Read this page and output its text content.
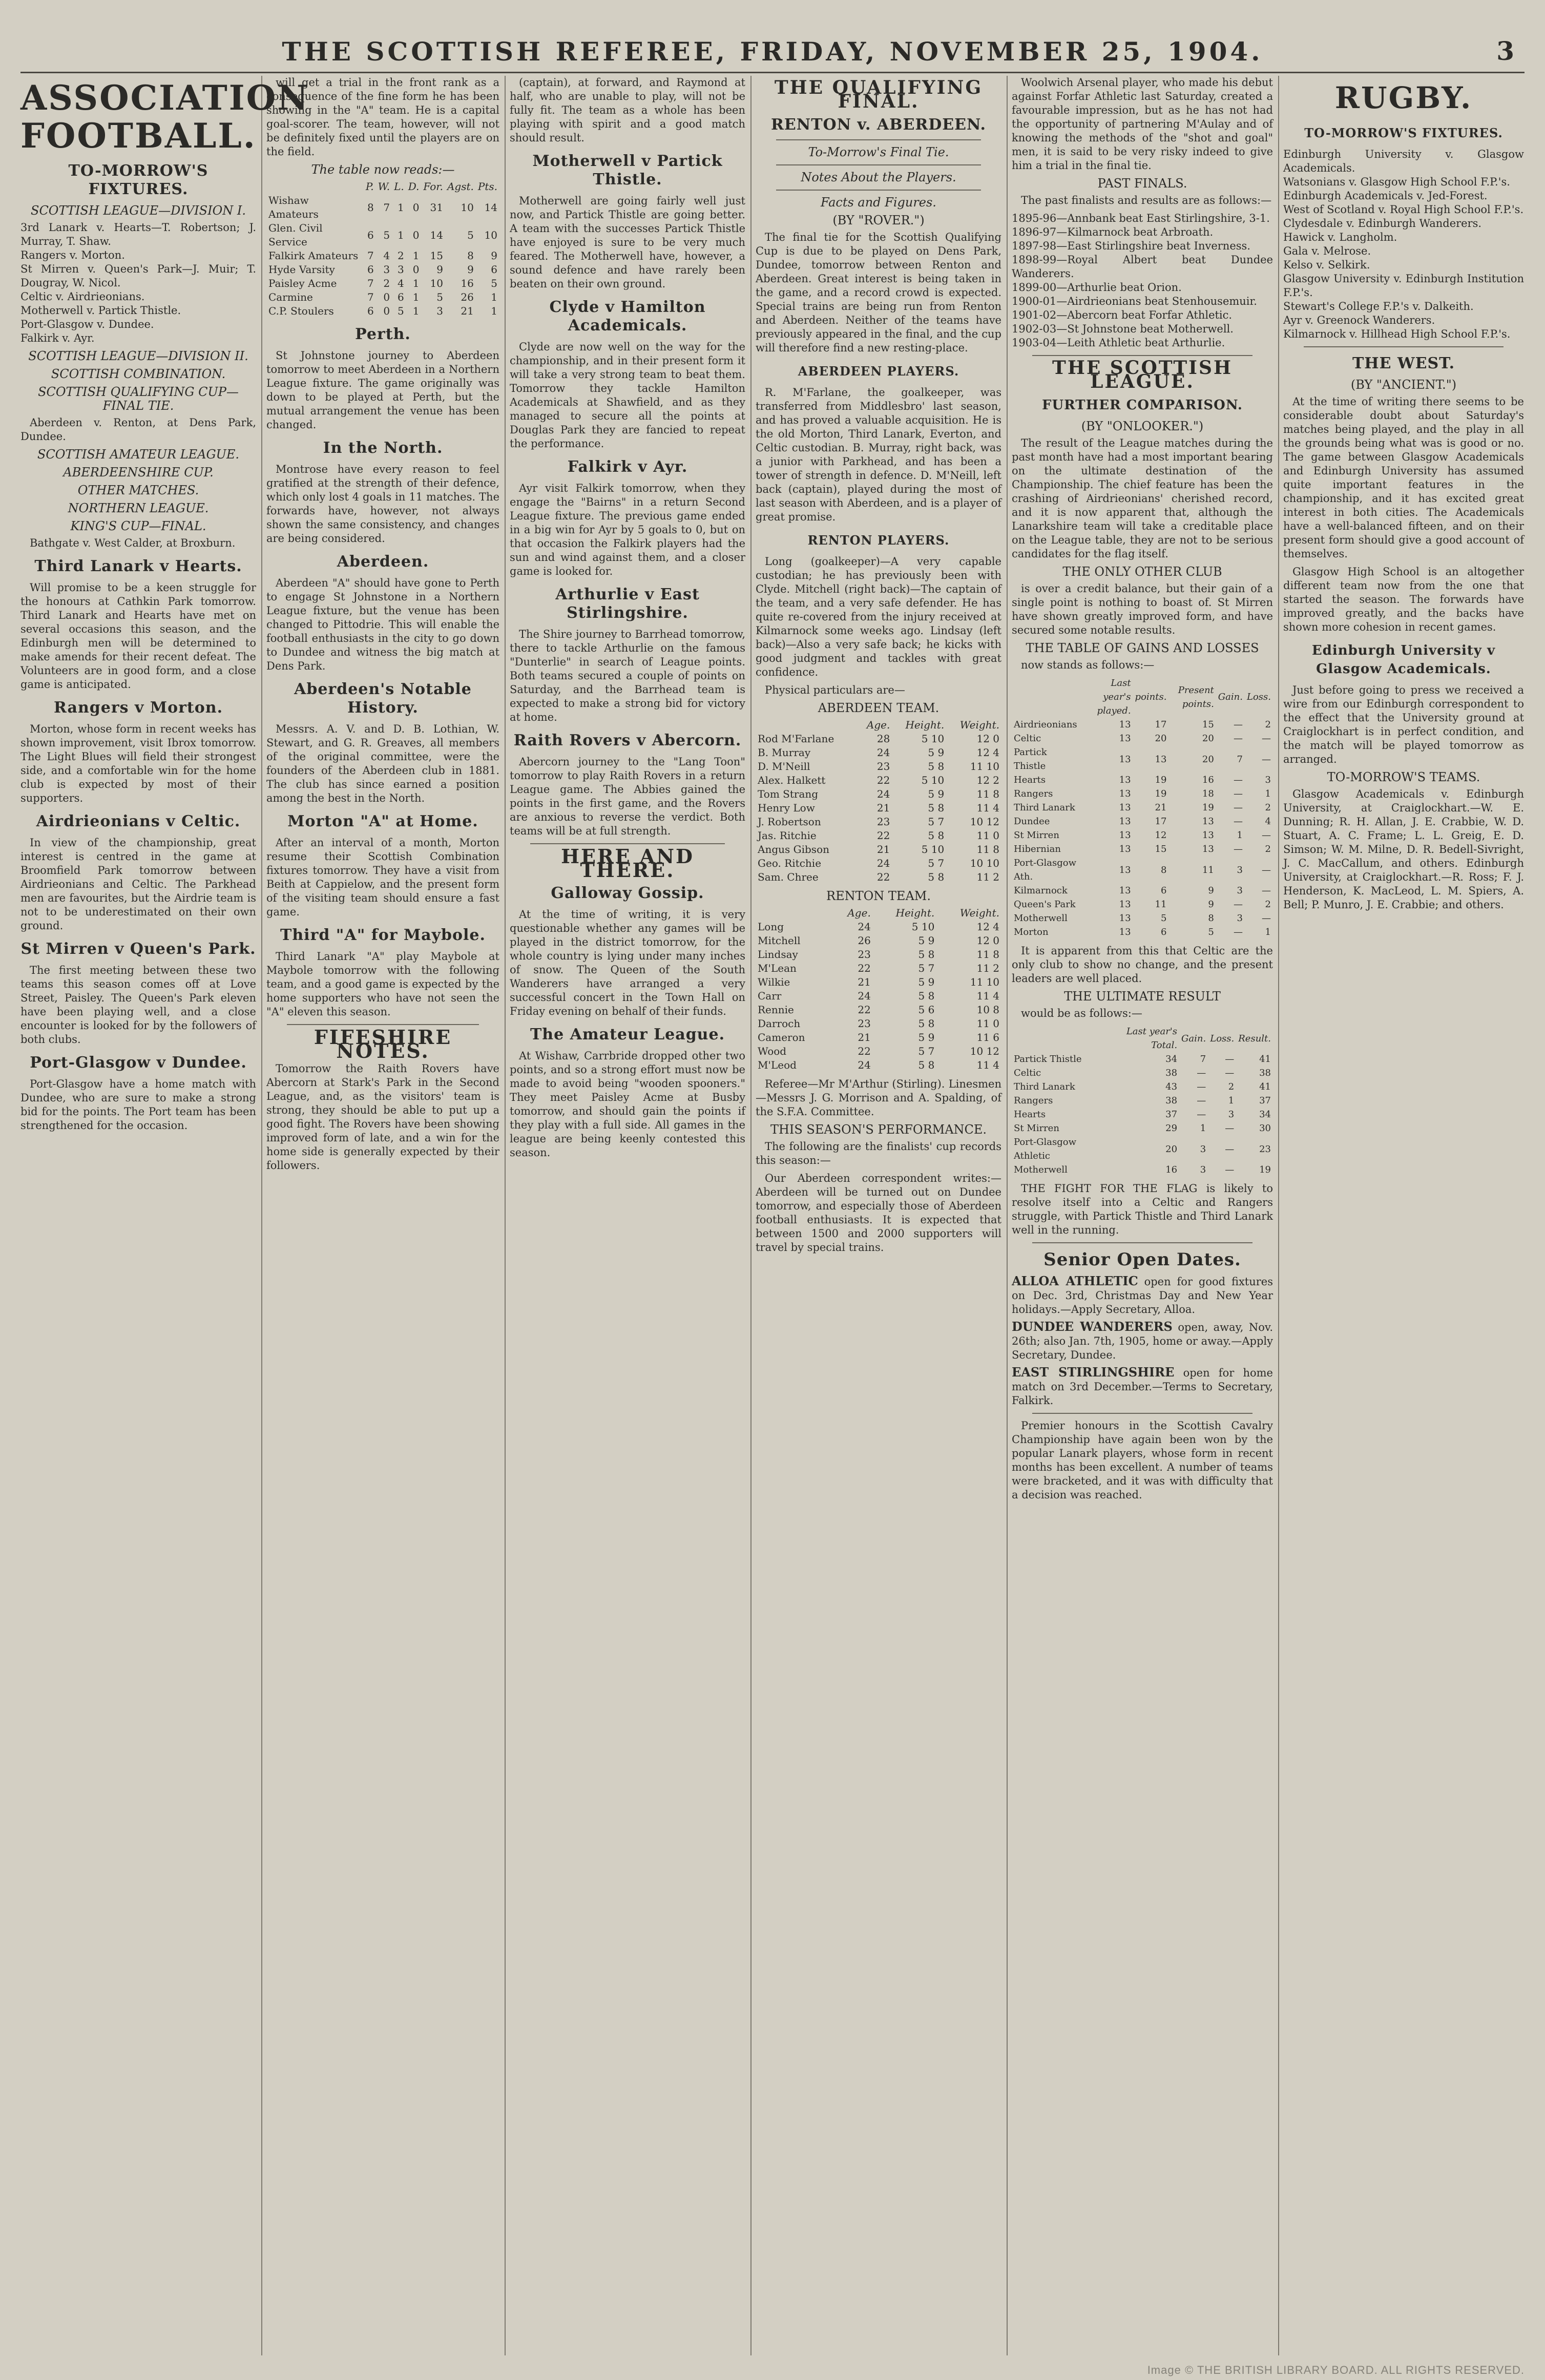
THE SCOTTISH REFEREE, FRIDAY, NOVEMBER 25, 1904.	3
ASSOCIATION FOOTBALL.
TO-MORROW'S FIXTURES.
SCOTTISH LEAGUE—DIVISION I.

3rd Lanark v. Hearts—T. Robertson; J. Murray, T. Shaw.

Rangers v. Morton.

St Mirren v. Queen's Park—J. Muir; T. Dougray, W. Nicol.

Celtic v. Airdrieonians.

Motherwell v. Partick Thistle.

Port-Glasgow v. Dundee.

Falkirk v. Ayr.

SCOTTISH LEAGUE—DIVISION II.
SCOTTISH COMBINATION.
SCOTTISH QUALIFYING CUP—FINAL TIE.

Aberdeen v. Renton, at Dens Park, Dundee.

SCOTTISH AMATEUR LEAGUE.
ABERDEENSHIRE CUP.
OTHER MATCHES.
NORTHERN LEAGUE.
KING'S CUP—FINAL.

Bathgate v. West Calder, at Broxburn.

Third Lanark v Hearts.

Will promise to be a keen struggle for the honours at Cathkin Park tomorrow. Third Lanark and Hearts have met on several occasions this season, and the Edinburgh men will be determined to make amends for their recent defeat. The Volunteers are in good form, and a close game is anticipated.

Rangers v Morton.

Morton, whose form in recent weeks has shown improvement, visit Ibrox tomorrow. The Light Blues will field their strongest side, and a comfortable win for the home club is expected by most of their supporters.

Airdrieonians v Celtic.

In view of the championship, great interest is centred in the game at Broomfield Park tomorrow between Airdrieonians and Celtic. The Parkhead men are favourites, but the Airdrie team is not to be underestimated on their own ground.

St Mirren v Queen's Park.

The first meeting between these two teams this season comes off at Love Street, Paisley. The Queen's Park eleven have been playing well, and a close encounter is looked for by the followers of both clubs.

Port-Glasgow v Dundee.

Port-Glasgow have a home match with Dundee, who are sure to make a strong bid for the points. The Port team has been strengthened for the occasion.

will get a trial in the front rank as a consequence of the fine form he has been showing in the "A" team. He is a capital goal-scorer. The team, however, will not be definitely fixed until the players are on the field.

The table now reads:—
	P.	W.	L.	D.	For.	Agst.	Pts.
Wishaw Amateurs	8	7	1	0	31	10	14
Glen. Civil Service	6	5	1	0	14	5	10
Falkirk Amateurs	7	4	2	1	15	8	9
Hyde Varsity	6	3	3	0	9	9	6
Paisley Acme	7	2	4	1	10	16	5
Carmine	7	0	6	1	5	26	1
C.P. Stoulers	6	0	5	1	3	21	1
Perth.

St Johnstone journey to Aberdeen tomorrow to meet Aberdeen in a Northern League fixture. The game originally was down to be played at Perth, but the mutual arrangement the venue has been changed.

In the North.

Montrose have every reason to feel gratified at the strength of their defence, which only lost 4 goals in 11 matches. The forwards have, however, not always shown the same consistency, and changes are being considered.

Aberdeen.

Aberdeen "A" should have gone to Perth to engage St Johnstone in a Northern League fixture, but the venue has been changed to Pittodrie. This will enable the football enthusiasts in the city to go down to Dundee and witness the big match at Dens Park.

Aberdeen's Notable History.

Messrs. A. V. and D. B. Lothian, W. Stewart, and G. R. Greaves, all members of the original committee, were the founders of the Aberdeen club in 1881. The club has since earned a position among the best in the North.

Morton "A" at Home.

After an interval of a month, Morton resume their Scottish Combination fixtures tomorrow. They have a visit from Beith at Cappielow, and the present form of the visiting team should ensure a fast game.

Third "A" for Maybole.

Third Lanark "A" play Maybole at Maybole tomorrow with the following team, and a good game is expected by the home supporters who have not seen the "A" eleven this season.

FIFESHIRE NOTES.

Tomorrow the Raith Rovers have Abercorn at Stark's Park in the Second League, and, as the visitors' team is strong, they should be able to put up a good fight. The Rovers have been showing improved form of late, and a win for the home side is generally expected by their followers.

(captain), at forward, and Raymond at half, who are unable to play, will not be fully fit. The team as a whole has been playing with spirit and a good match should result.

Motherwell v Partick Thistle.

Motherwell are going fairly well just now, and Partick Thistle are going better. A team with the successes Partick Thistle have enjoyed is sure to be very much feared. The Motherwell have, however, a sound defence and have rarely been beaten on their own ground.

Clyde v Hamilton Academicals.

Clyde are now well on the way for the championship, and in their present form it will take a very strong team to beat them. Tomorrow they tackle Hamilton Academicals at Shawfield, and as they managed to secure all the points at Douglas Park they are fancied to repeat the performance.

Falkirk v Ayr.

Ayr visit Falkirk tomorrow, when they engage the "Bairns" in a return Second League fixture. The previous game ended in a big win for Ayr by 5 goals to 0, but on that occasion the Falkirk players had the sun and wind against them, and a closer game is looked for.

Arthurlie v East Stirlingshire.

The Shire journey to Barrhead tomorrow, there to tackle Arthurlie on the famous "Dunterlie" in search of League points. Both teams secured a couple of points on Saturday, and the Barrhead team is expected to make a strong bid for victory at home.

Raith Rovers v Abercorn.

Abercorn journey to the "Lang Toon" tomorrow to play Raith Rovers in a return League game. The Abbies gained the points in the first game, and the Rovers are anxious to reverse the verdict. Both teams will be at full strength.

HERE AND THERE.
Galloway Gossip.

At the time of writing, it is very questionable whether any games will be played in the district tomorrow, for the whole country is lying under many inches of snow. The Queen of the South Wanderers have arranged a very successful concert in the Town Hall on Friday evening on behalf of their funds.

The Amateur League.

At Wishaw, Carrbride dropped other two points, and so a strong effort must now be made to avoid being "wooden spooners." They meet Paisley Acme at Busby tomorrow, and should gain the points if they play with a full side. All games in the league are being keenly contested this season.

THE QUALIFYING FINAL.
RENTON v. ABERDEEN.
To-Morrow's Final Tie.
Notes About the Players.
Facts and Figures.
(BY "ROVER.")

The final tie for the Scottish Qualifying Cup is due to be played on Dens Park, Dundee, tomorrow between Renton and Aberdeen. Great interest is being taken in the game, and a record crowd is expected. Special trains are being run from Renton and Aberdeen. Neither of the teams have previously appeared in the final, and the cup will therefore find a new resting-place.

ABERDEEN PLAYERS.

R. M'Farlane, the goalkeeper, was transferred from Middlesbro' last season, and has proved a valuable acquisition. He is the old Morton, Third Lanark, Everton, and Celtic custodian. B. Murray, right back, was a junior with Parkhead, and has been a tower of strength in defence. D. M'Neill, left back (captain), played during the most of last season with Aberdeen, and is a player of great promise.

RENTON PLAYERS.

Long (goalkeeper)—A very capable custodian; he has previously been with Clyde. Mitchell (right back)—The captain of the team, and a very safe defender. He has quite re-covered from the injury received at Kilmarnock some weeks ago. Lindsay (left back)—Also a very safe back; he kicks with good judgment and tackles with great confidence.

Physical particulars are—

ABERDEEN TEAM.
	Age.	Height.	Weight.
Rod M'Farlane	28	5 10	12 0
B. Murray	24	5 9	12 4
D. M'Neill	23	5 8	11 10
Alex. Halkett	22	5 10	12 2
Tom Strang	24	5 9	11 8
Henry Low	21	5 8	11 4
J. Robertson	23	5 7	10 12
Jas. Ritchie	22	5 8	11 0
Angus Gibson	21	5 10	11 8
Geo. Ritchie	24	5 7	10 10
Sam. Chree	22	5 8	11 2
RENTON TEAM.
	Age.	Height.	Weight.
Long	24	5 10	12 4
Mitchell	26	5 9	12 0
Lindsay	23	5 8	11 8
M'Lean	22	5 7	11 2
Wilkie	21	5 9	11 10
Carr	24	5 8	11 4
Rennie	22	5 6	10 8
Darroch	23	5 8	11 0
Cameron	21	5 9	11 6
Wood	22	5 7	10 12
M'Leod	24	5 8	11 4

Referee—Mr M'Arthur (Stirling). Linesmen—Messrs J. G. Morrison and A. Spalding, of the S.F.A. Committee.

THIS SEASON'S PERFORMANCE.

The following are the finalists' cup records this season:—

Our Aberdeen correspondent writes:—Aberdeen will be turned out on Dundee tomorrow, and especially those of Aberdeen football enthusiasts. It is expected that between 1500 and 2000 supporters will travel by special trains.

Woolwich Arsenal player, who made his debut against Forfar Athletic last Saturday, created a favourable impression, but as he has not had the opportunity of partnering M'Aulay and of knowing the methods of the "shot and goal" men, it is said to be very risky indeed to give him a trial in the final tie.

PAST FINALS.

The past finalists and results are as follows:—

1895-96—Annbank beat East Stirlingshire, 3-1.

1896-97—Kilmarnock beat Arbroath.

1897-98—East Stirlingshire beat Inverness.

1898-99—Royal Albert beat Dundee Wanderers.

1899-00—Arthurlie beat Orion.

1900-01—Airdrieonians beat Stenhousemuir.

1901-02—Abercorn beat Forfar Athletic.

1902-03—St Johnstone beat Motherwell.

1903-04—Leith Athletic beat Arthurlie.

THE SCOTTISH LEAGUE.
FURTHER COMPARISON.
(BY "ONLOOKER.")

The result of the League matches during the past month have had a most important bearing on the ultimate destination of the Championship. The chief feature has been the crashing of Airdrieonians' cherished record, and it is now apparent that, although the Lanarkshire team will take a creditable place on the League table, they are not to be serious candidates for the flag itself.

THE ONLY OTHER CLUB

is over a credit balance, but their gain of a single point is nothing to boast of. St Mirren have shown greatly improved form, and have secured some notable results.

THE TABLE OF GAINS AND LOSSES

now stands as follows:—

	Last year's played.	points.	Present points.	Gain.	Loss.
Airdrieonians	13	17	15	—	2
Celtic	13	20	20	—	—
Partick Thistle	13	13	20	7	—
Hearts	13	19	16	—	3
Rangers	13	19	18	—	1
Third Lanark	13	21	19	—	2
Dundee	13	17	13	—	4
St Mirren	13	12	13	1	—
Hibernian	13	15	13	—	2
Port-Glasgow Ath.	13	8	11	3	—
Kilmarnock	13	6	9	3	—
Queen's Park	13	11	9	—	2
Motherwell	13	5	8	3	—
Morton	13	6	5	—	1

It is apparent from this that Celtic are the only club to show no change, and the present leaders are well placed.

THE ULTIMATE RESULT

would be as follows:—

	Last year's Total.	Gain.	Loss.	Result.
Partick Thistle	34	7	—	41
Celtic	38	—	—	38
Third Lanark	43	—	2	41
Rangers	38	—	1	37
Hearts	37	—	3	34
St Mirren	29	1	—	30
Port-Glasgow Athletic	20	3	—	23
Motherwell	16	3	—	19

THE FIGHT FOR THE FLAG is likely to resolve itself into a Celtic and Rangers struggle, with Partick Thistle and Third Lanark well in the running.

Senior Open Dates.
ALLOA ATHLETIC open for good fixtures on Dec. 3rd, Christmas Day and New Year holidays.—Apply Secretary, Alloa.
DUNDEE WANDERERS open, away, Nov. 26th; also Jan. 7th, 1905, home or away.—Apply Secretary, Dundee.
EAST STIRLINGSHIRE open for home match on 3rd December.—Terms to Secretary, Falkirk.

Premier honours in the Scottish Cavalry Championship have again been won by the popular Lanark players, whose form in recent months has been excellent. A number of teams were bracketed, and it was with difficulty that a decision was reached.

RUGBY.
TO-MORROW'S FIXTURES.

Edinburgh University v. Glasgow Academicals.

Watsonians v. Glasgow High School F.P.'s.

Edinburgh Academicals v. Jed-Forest.

West of Scotland v. Royal High School F.P.'s.

Clydesdale v. Edinburgh Wanderers.

Hawick v. Langholm.

Gala v. Melrose.

Kelso v. Selkirk.

Glasgow University v. Edinburgh Institution F.P.'s.

Stewart's College F.P.'s v. Dalkeith.

Ayr v. Greenock Wanderers.

Kilmarnock v. Hillhead High School F.P.'s.

THE WEST.
(BY "ANCIENT.")

At the time of writing there seems to be considerable doubt about Saturday's matches being played, and the play in all the grounds being what was is good or no. The game between Glasgow Academicals and Edinburgh University has assumed quite important features in the championship, and it has excited great interest in both cities. The Academicals have a well-balanced fifteen, and on their present form should give a good account of themselves.

Glasgow High School is an altogether different team now from the one that started the season. The forwards have improved greatly, and the backs have shown more cohesion in recent games.

Edinburgh University v Glasgow Academicals.

Just before going to press we received a wire from our Edinburgh correspondent to the effect that the University ground at Craiglockhart is in perfect condition, and the match will be played tomorrow as arranged.

TO-MORROW'S TEAMS.

Glasgow Academicals v. Edinburgh University, at Craiglockhart.—W. E. Dunning; R. H. Allan, J. E. Crabbie, W. D. Stuart, A. C. Frame; L. L. Greig, E. D. Simson; W. M. Milne, D. R. Bedell-Sivright, J. C. MacCallum, and others. Edinburgh University, at Craiglockhart.—R. Ross; F. J. Henderson, K. MacLeod, L. M. Spiers, A. Bell; P. Munro, J. E. Crabbie; and others.

Image © THE BRITISH LIBRARY BOARD. ALL RIGHTS RESERVED.
